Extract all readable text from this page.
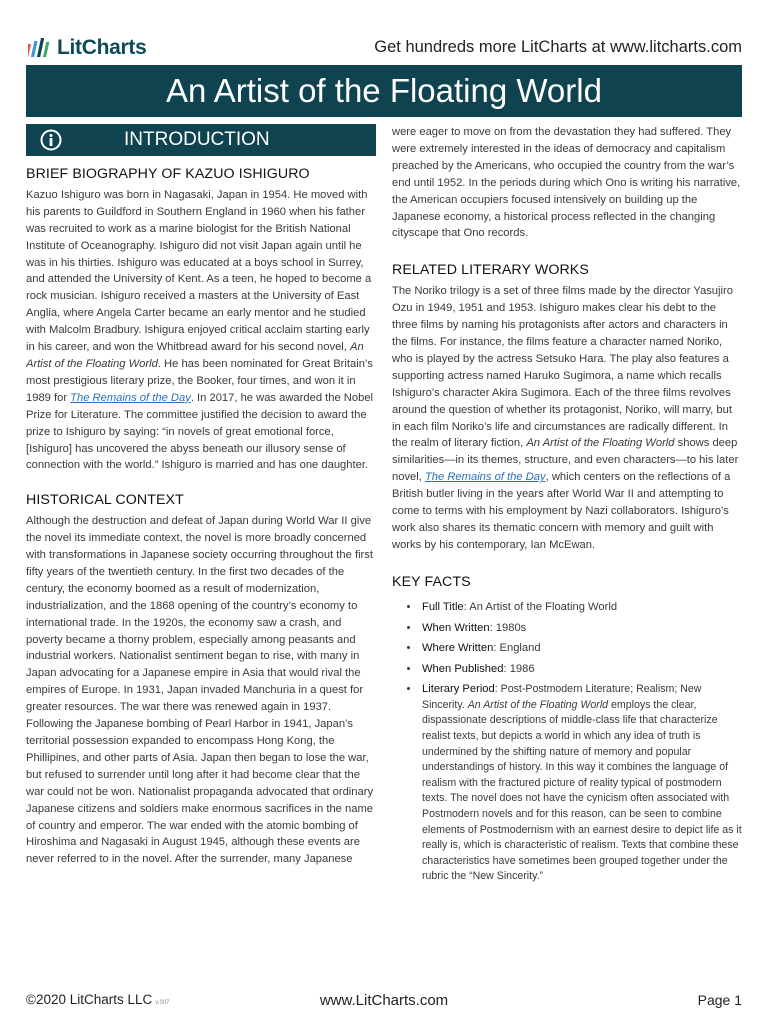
LitCharts	Get hundreds more LitCharts at www.litcharts.com
An Artist of the Floating World
INTRODUCTION
BRIEF BIOGRAPHY OF KAZUO ISHIGURO

Kazuo Ishiguro was born in Nagasaki, Japan in 1954. He moved with his parents to Guildford in Southern England in 1960 when his father was recruited to work as a marine biologist for the British National Institute of Oceanography. Ishiguro did not visit Japan again until he was in his thirties. Ishiguro was educated at a boys school in Surrey, and attended the University of Kent. As a teen, he hoped to become a rock musician. Ishiguro received a masters at the University of East Anglia, where Angela Carter became an early mentor and he studied with Malcolm Bradbury. Ishigura enjoyed critical acclaim starting early in his career, and won the Whitbread award for his second novel, An Artist of the Floating World. He has been nominated for Great Britain’s most prestigious literary prize, the Booker, four times, and won it in 1989 for The Remains of the Day. In 2017, he was awarded the Nobel Prize for Literature. The committee justified the decision to award the prize to Ishiguro by saying: “in novels of great emotional force, [Ishiguro] has uncovered the abyss beneath our illusory sense of connection with the world.” Ishiguro is married and has one daughter.

HISTORICAL CONTEXT

Although the destruction and defeat of Japan during World War II give the novel its immediate context, the novel is more broadly concerned with transformations in Japanese society occurring throughout the first fifty years of the twentieth century. In the first two decades of the century, the economy boomed as a result of modernization, industrialization, and the 1868 opening of the country’s economy to international trade. In the 1920s, the economy saw a crash, and poverty became a thorny problem, especially among peasants and industrial workers. Nationalist sentiment began to rise, with many in Japan advocating for a Japanese empire in Asia that would rival the empires of Europe. In 1931, Japan invaded Manchuria in a quest for greater resources. The war there was renewed again in 1937. Following the Japanese bombing of Pearl Harbor in 1941, Japan’s territorial possession expanded to encompass Hong Kong, the Phillipines, and other parts of Asia. Japan then began to lose the war, but refused to surrender until long after it had become clear that the war could not be won. Nationalist propaganda advocated that ordinary Japanese citizens and soldiers make enormous sacrifices in the name of country and emperor. The war ended with the atomic bombing of Hiroshima and Nagasaki in August 1945, although these events are never referred to in the novel. After the surrender, many Japanese

were eager to move on from the devastation they had suffered. They were extremely interested in the ideas of democracy and capitalism preached by the Americans, who occupied the country from the war’s end until 1952. In the periods during which Ono is writing his narrative, the American occupiers focused intensively on building up the Japanese economy, a historical process reflected in the changing cityscape that Ono records.

RELATED LITERARY WORKS

The Noriko trilogy is a set of three films made by the director Yasujiro Ozu in 1949, 1951 and 1953. Ishiguro makes clear his debt to the three films by naming his protagonists after actors and characters in the films. For instance, the films feature a character named Noriko, who is played by the actress Setsuko Hara. The play also features a supporting actress named Haruko Sugimora, a name which recalls Ishiguro’s character Akira Sugimora. Each of the three films revolves around the question of whether its protagonist, Noriko, will marry, but in each film Noriko’s life and circumstances are radically different. In the realm of literary fiction, An Artist of the Floating World shows deep similarities—in its themes, structure, and even characters—to his later novel, The Remains of the Day, which centers on the reflections of a British butler living in the years after World War II and attempting to come to terms with his employment by Nazi collaborators. Ishiguro’s work also shares its thematic concern with memory and guilt with works by his contemporary, Ian McEwan.

KEY FACTS
• Full Title: An Artist of the Floating World
• When Written: 1980s
• Where Written: England
• When Published: 1986
• Literary Period: Post-Postmodern Literature; Realism; New Sincerity. An Artist of the Floating World employs the clear, dispassionate descriptions of middle-class life that characterize realist texts, but depicts a world in which any idea of truth is undermined by the shifting nature of memory and popular understandings of history. In this way it combines the language of realism with the fractured picture of reality typical of postmodern texts. The novel does not have the cynicism often associated with Postmodern novels and for this reason, can be seen to combine elements of Postmodernism with an earnest desire to depict life as it really is, which is characteristic of realism. Texts that combine these characteristics have sometimes been grouped together under the rubric the “New Sincerity.”
©2020 LitCharts LLC v.007	www.LitCharts.com	Page 1
